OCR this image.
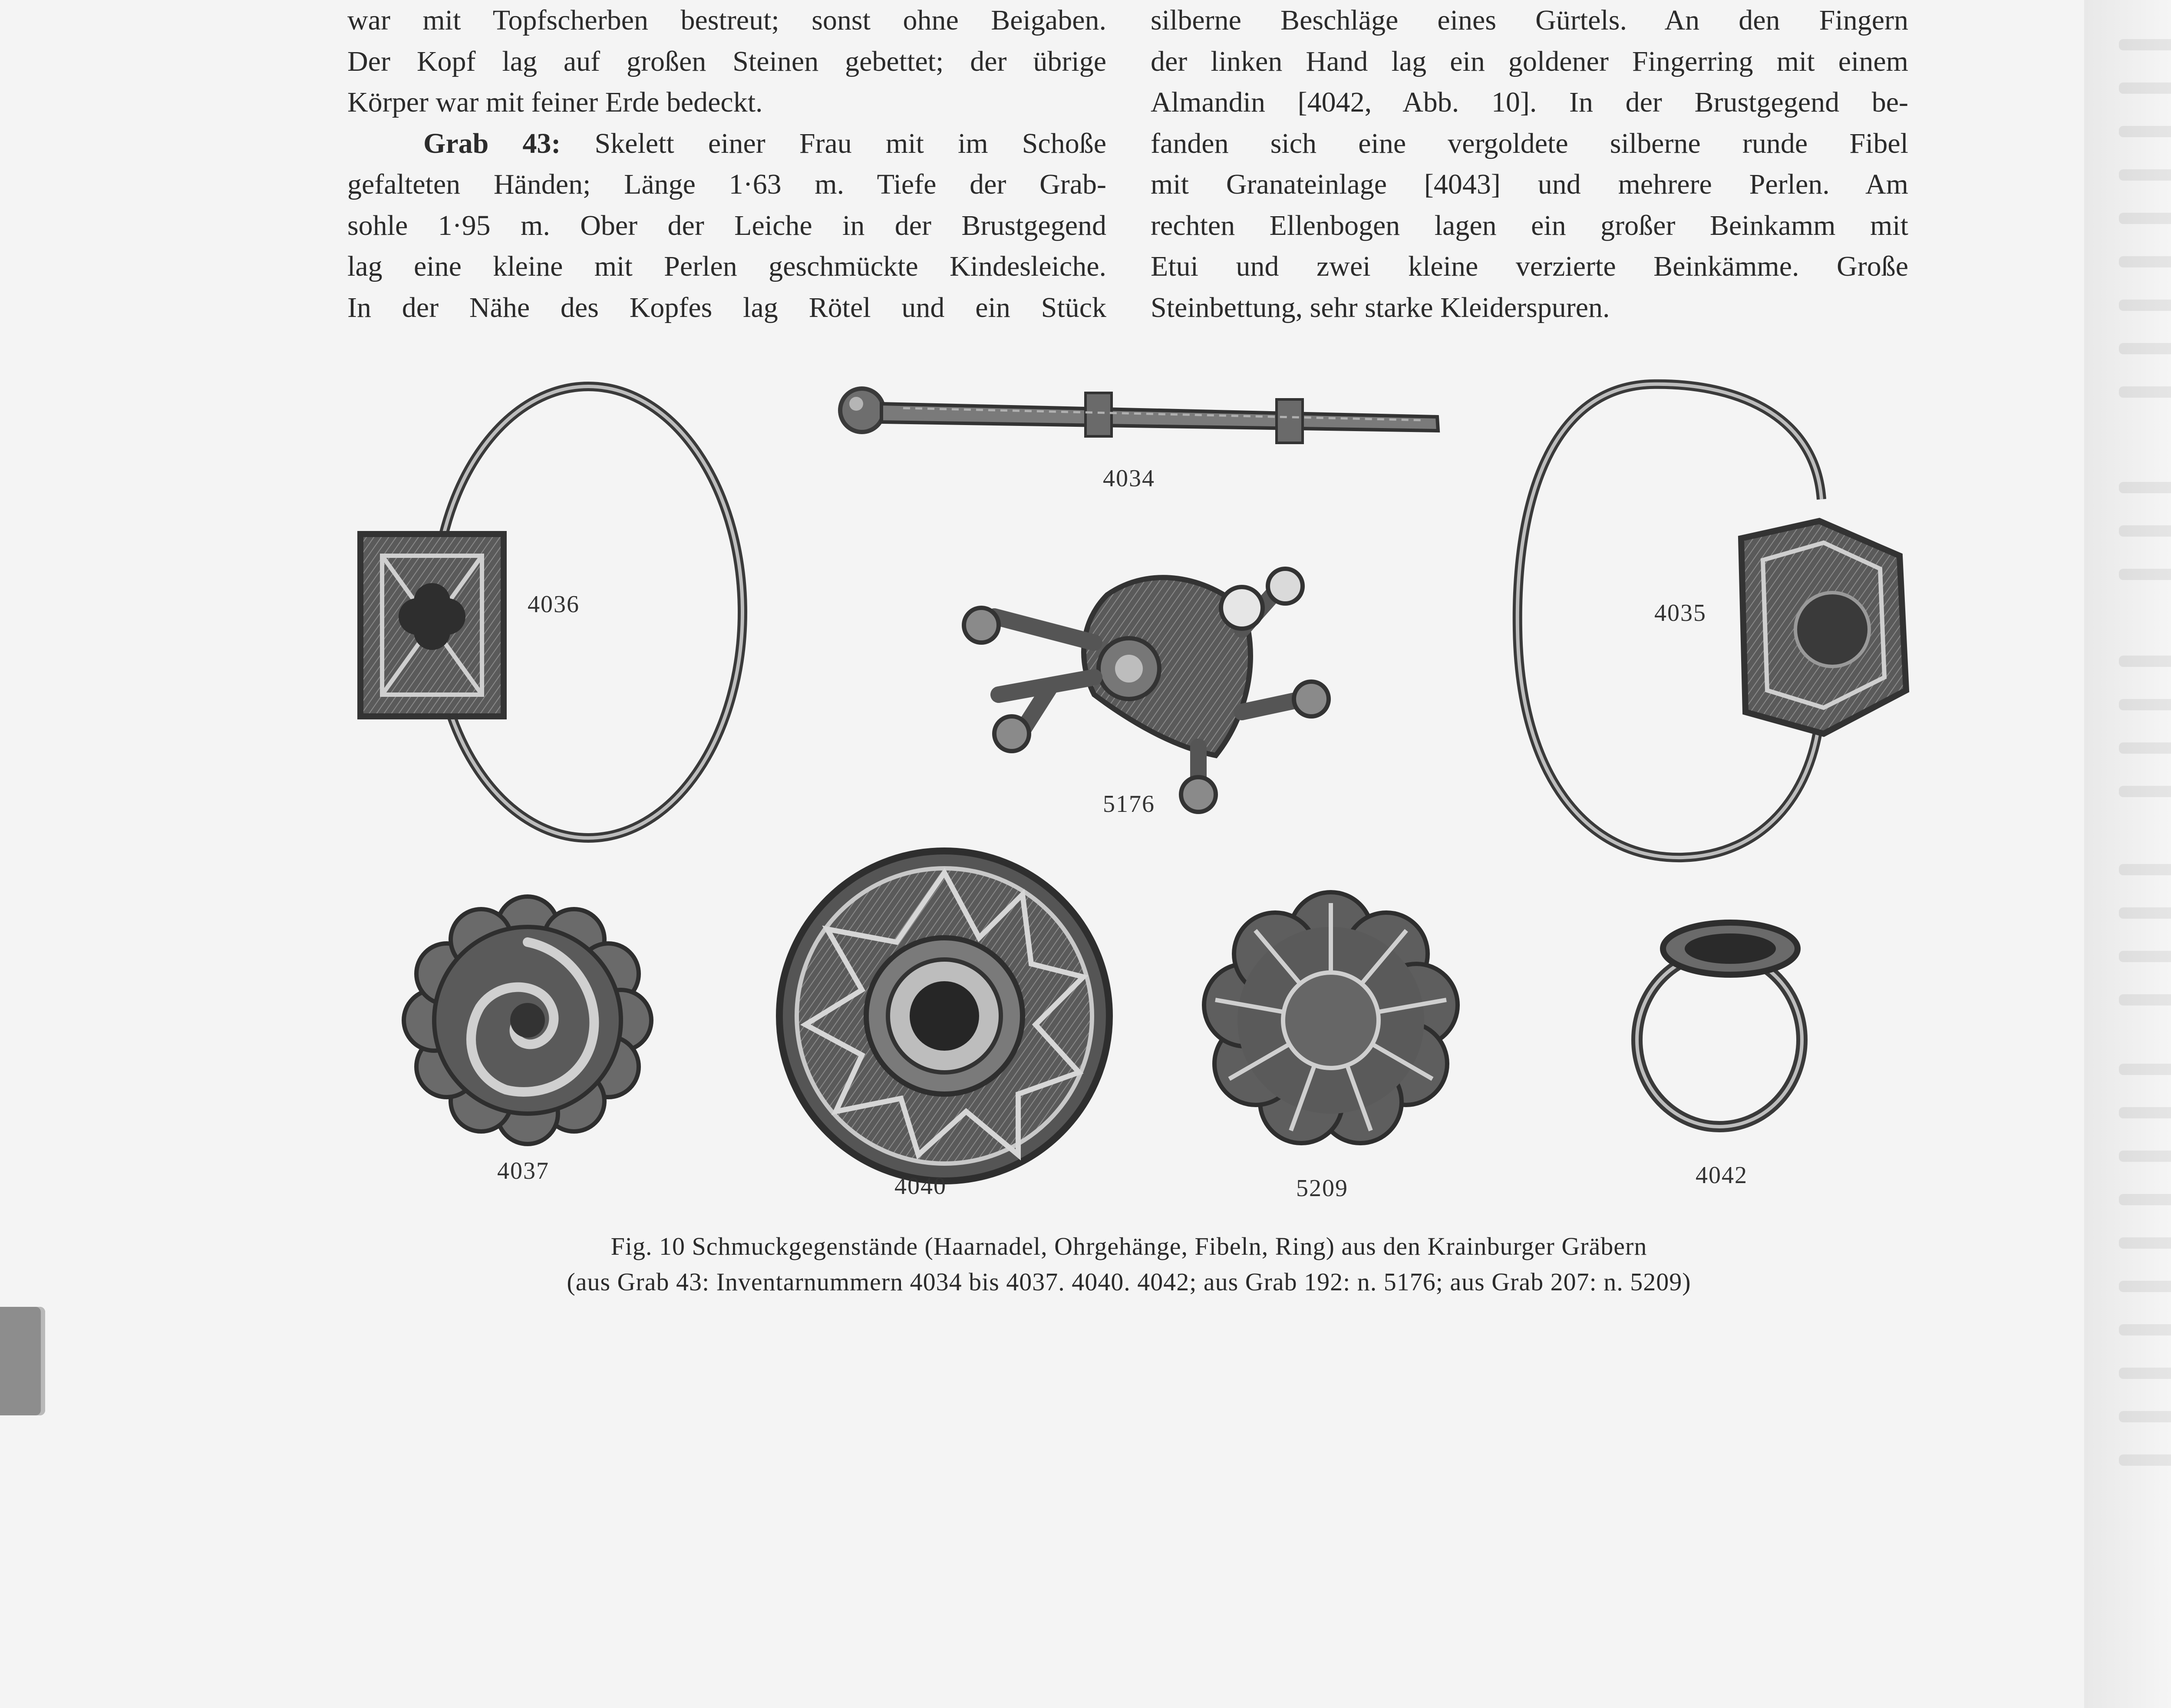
war mit Topfscherben bestreut; sonst ohne Beigaben.

Der Kopf lag auf großen Steinen gebettet; der übrige

Körper war mit feiner Erde bedeckt.

Grab 43: Skelett einer Frau mit im Schoße

gefalteten Händen; Länge 1·63 m. Tiefe der Grab-

sohle 1·95 m. Ober der Leiche in der Brustgegend

lag eine kleine mit Perlen geschmückte Kindesleiche.

In der Nähe des Kopfes lag Rötel und ein Stück

silberne Beschläge eines Gürtels. An den Fingern

der linken Hand lag ein goldener Fingerring mit einem

Almandin [4042, Abb. 10]. In der Brustgegend be-

fanden sich eine vergoldete silberne runde Fibel

mit Granateinlage [4043] und mehrere Perlen. Am

rechten Ellenbogen lagen ein großer Beinkamm mit

Etui und zwei kleine verzierte Beinkämme. Große

Steinbettung, sehr starke Kleiderspuren.

4034
4036	4035
5176
4037
4040	5209	4042
Fig. 10 Schmuckgegenstände (Haarnadel, Ohrgehänge, Fibeln, Ring) aus den Krainburger Gräbern
(aus Grab 43: Inventarnummern 4034 bis 4037. 4040. 4042; aus Grab 192: n. 5176; aus Grab 207: n. 5209)
